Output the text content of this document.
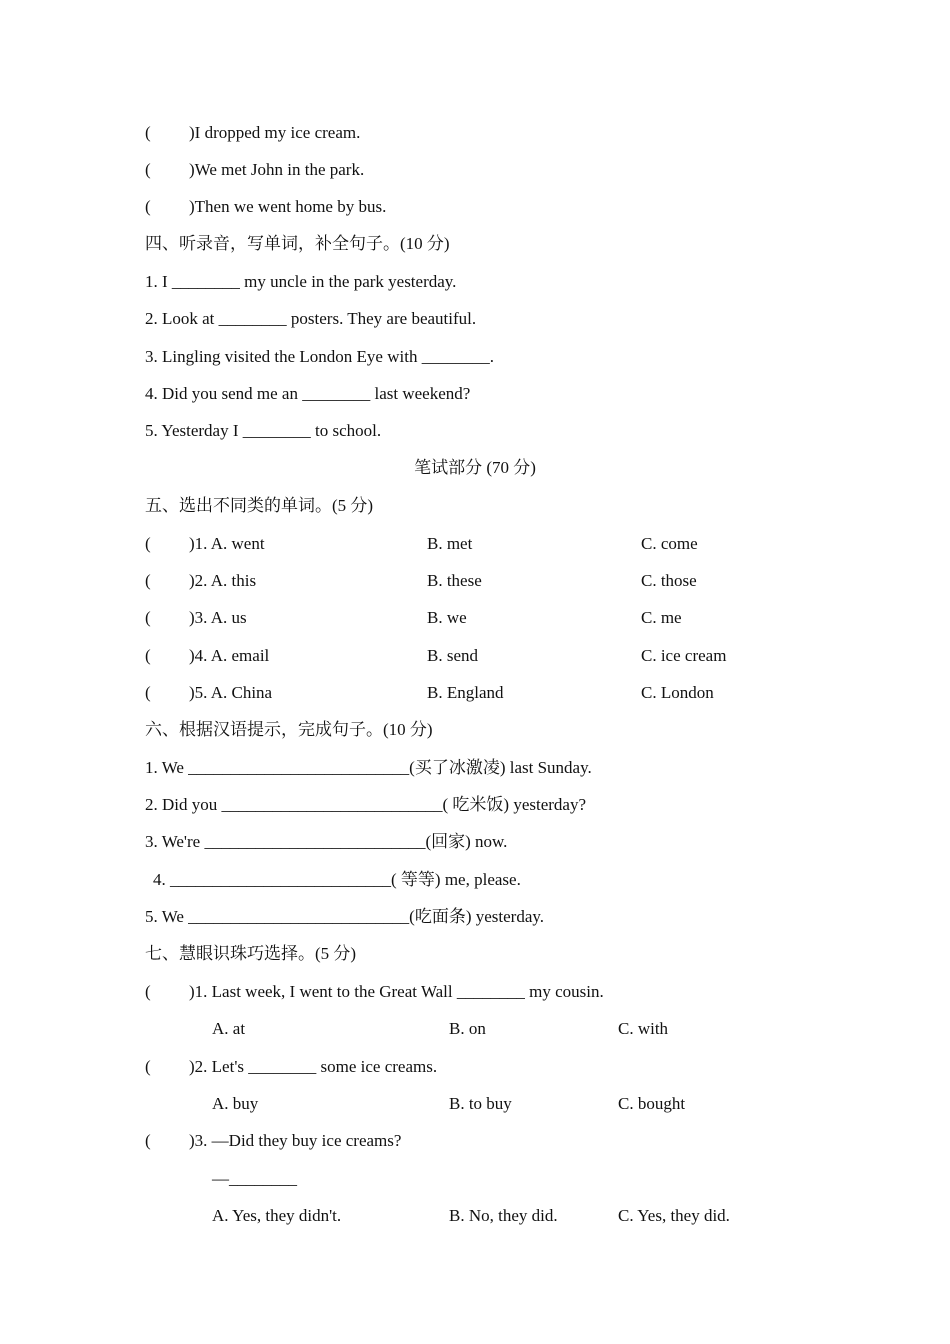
( )I dropped my ice cream.
( )We met John in the park.
( )Then we went home by bus.
四、听录音，写单词，补全句子。(10 分)
1. I ________ my uncle in the park yesterday.
2. Look at ________ posters. They are beautiful.
3. Lingling visited the London Eye with ________.
4. Did you send me an ________ last weekend?
5. Yesterday I ________ to school.
笔试部分 (70 分)
五、选出不同类的单词。(5 分)
( )1. A. went	B. met	C. come
( )2. A. this	B. these	C. those
( )3. A. us	B. we	C. me
( )4. A. email	B. send	C. ice cream
( )5. A. China	B. England	C. London
六、根据汉语提示，完成句子。(10 分)
1. We __________________________(买了冰激凌) last Sunday.
2. Did you __________________________( 吃米饭) yesterday?
3. We're __________________________(回家) now.
4. __________________________( 等等) me, please.
5. We __________________________(吃面条) yesterday.
七、慧眼识珠巧选择。(5 分)
( )1. Last week, I went to the Great Wall ________ my cousin.
A. at	B. on	C. with
( )2. Let's ________ some ice creams.
A. buy	B. to buy	C. bought
( )3. —Did they buy ice creams?
—________
A. Yes, they didn't.	B. No, they did.	C. Yes, they did.
